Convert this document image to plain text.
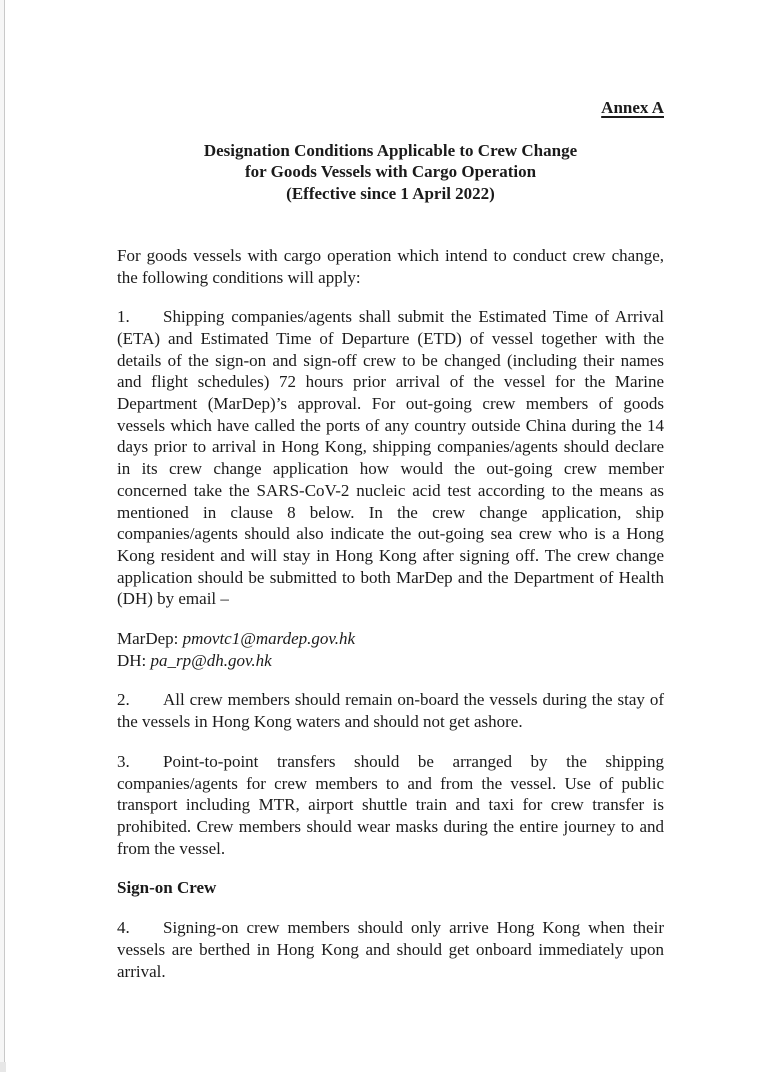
Annex A
Designation Conditions Applicable to Crew Change
for Goods Vessels with Cargo Operation
(Effective since 1 April 2022)

For goods vessels with cargo operation which intend to conduct crew change, the following conditions will apply:

1. Shipping companies/agents shall submit the Estimated Time of Arrival (ETA) and Estimated Time of Departure (ETD) of vessel together with the details of the sign-on and sign-off crew to be changed (including their names and flight schedules) 72 hours prior arrival of the vessel for the Marine Department (MarDep)’s approval. For out-going crew members of goods vessels which have called the ports of any country outside China during the 14 days prior to arrival in Hong Kong, shipping companies/agents should declare in its crew change application how would the out-going crew member concerned take the SARS-CoV-2 nucleic acid test according to the means as mentioned in clause 8 below. In the crew change application, ship companies/agents should also indicate the out-going sea crew who is a Hong Kong resident and will stay in Hong Kong after signing off. The crew change application should be submitted to both MarDep and the Department of Health (DH) by email –

MarDep: pmovtc1@mardep.gov.hk
DH: pa_rp@dh.gov.hk

2. All crew members should remain on-board the vessels during the stay of the vessels in Hong Kong waters and should not get ashore.

3. Point-to-point transfers should be arranged by the shipping companies/agents for crew members to and from the vessel. Use of public transport including MTR, airport shuttle train and taxi for crew transfer is prohibited. Crew members should wear masks during the entire journey to and from the vessel.

Sign-on Crew

4. Signing-on crew members should only arrive Hong Kong when their vessels are berthed in Hong Kong and should get onboard immediately upon arrival.
